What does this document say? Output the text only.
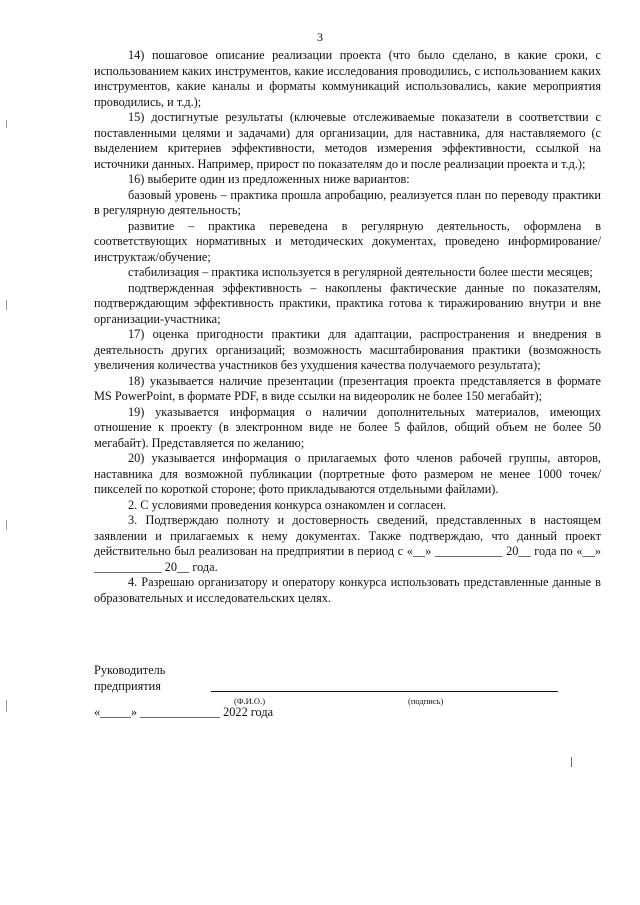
3

14) пошаговое описание реализации проекта (что было сделано, в какие сроки, с использованием каких инструментов, какие исследования проводились, с использованием каких инструментов, какие каналы и форматы коммуникаций использовались, какие мероприятия проводились, и т.д.);

15) достигнутые результаты (ключевые отслеживаемые показатели в соответствии с поставленными целями и задачами) для организации, для наставника, для наставляемого (с выделением критериев эффективности, методов измерения эффективности, ссылкой на источники данных. Например, прирост по показателям до и после реализации проекта и т.д.);

16) выберите один из предложенных ниже вариантов:

базовый уровень – практика прошла апробацию, реализуется план по переводу практики в регулярную деятельность;

развитие – практика переведена в регулярную деятельность, оформлена в соответствующих нормативных и методических документах, проведено информирование/инструктаж/обучение;

стабилизация – практика используется в регулярной деятельности более шести месяцев;

подтвержденная эффективность – накоплены фактические данные по показателям, подтверждающим эффективность практики, практика готова к тиражированию внутри и вне организации-участника;

17) оценка пригодности практики для адаптации, распространения и внедрения в деятельность других организаций; возможность масштабирования практики (возможность увеличения количества участников без ухудшения качества получаемого результата);

18) указывается наличие презентации (презентация проекта представляется в формате MS PowerPoint, в формате PDF, в виде ссылки на видеоролик не более 150 мегабайт);

19) указывается информация о наличии дополнительных материалов, имеющих отношение к проекту (в электронном виде не более 5 файлов, общий объем не более 50 мегабайт). Представляется по желанию;

20) указывается информация о прилагаемых фото членов рабочей группы, авторов, наставника для возможной публикации (портретные фото размером не менее 1000 точек/пикселей по короткой стороне; фото прикладываются отдельными файлами).

2. С условиями проведения конкурса ознакомлен и согласен.

3. Подтверждаю полноту и достоверность сведений, представленных в настоящем заявлении и прилагаемых к нему документах. Также подтверждаю, что данный проект действительно был реализован на предприятии в период с «__» ___________ 20__ года по «__» ___________ 20__ года.

4. Разрешаю организатору и оператору конкурса использовать представленные данные в образовательных и исследовательских целях.

Руководитель
предприятия
(Ф.И.О.)	(подпись)
«_____» _____________ 2022 года
